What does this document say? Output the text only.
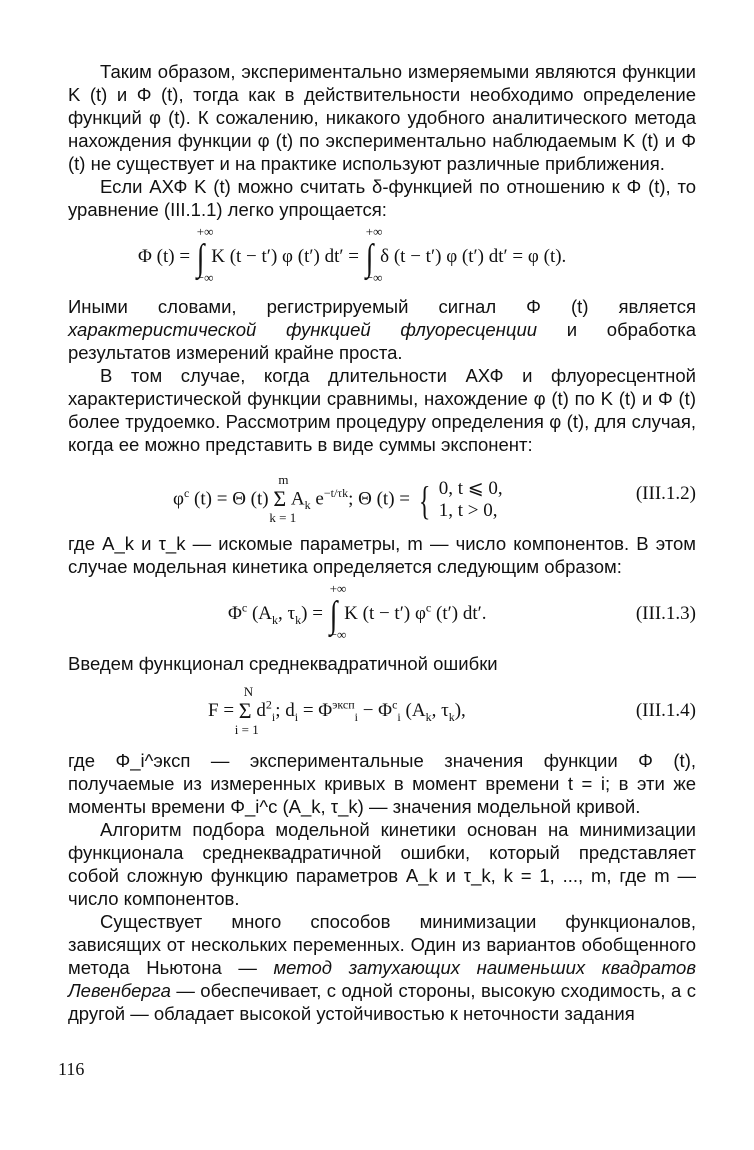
Таким образом, экспериментально измеряемыми являются функции K (t) и Φ (t), тогда как в действительности необходимо определение функций φ (t). К сожалению, никакого удобного аналитического метода нахождения функции φ (t) по экспериментально наблюдаемым K (t) и Φ (t) не существует и на практике используют различные приближения.

Если АХФ K (t) можно считать δ-функцией по отношению к Φ (t), то уравнение (III.1.1) легко упрощается:

Φ (t) =
+∞
∫
−∞
K (t − t′) φ (t′) dt′ =
+∞
∫
−∞
δ (t − t′) φ (t′) dt′ = φ (t).

Иными словами, регистрируемый сигнал Φ (t) является характеристической функцией флуоресценции и обработка результатов измерений крайне проста.

В том случае, когда длительности АХФ и флуоресцентной характеристической функции сравнимы, нахождение φ (t) по K (t) и Φ (t) более трудоемко. Рассмотрим процедуру определения φ (t), для случая, когда ее можно представить в виде суммы экспонент:

$\varphi^c$ (t) = Θ (t)
m
Σ
k = 1
$A_k$ $e^{-t/\tau k}$; Θ (t) = { 0, t ⩽ 0,
1, t > 0,
(III.1.2)

где A_k и τ_k — искомые параметры, m — число компонентов. В этом случае модельная кинетика определяется следующим образом:

$\Phi^c$ ($A_k$, $\tau_k$) =
+∞
∫
−∞
K (t − t′) $\varphi^c$ (t′) dt′.	(III.1.3)

Введем функционал среднеквадратичной ошибки

F =
N
Σ
i = 1
$d^2_i$; $d_i = \Phi^{эксп}_i - \Phi^c_i$ ($A_k$, $\tau_k$),	(III.1.4)

где Φ_i^эксп — экспериментальные значения функции Φ (t), получаемые из измеренных кривых в момент времени t = i; в эти же моменты времени Φ_i^c (A_k, τ_k) — значения модельной кривой.

Алгоритм подбора модельной кинетики основан на минимизации функционала среднеквадратичной ошибки, который представляет собой сложную функцию параметров A_k и τ_k, k = 1, ..., m, где m — число компонентов.

Существует много способов минимизации функционалов, зависящих от нескольких переменных. Один из вариантов обобщенного метода Ньютона — метод затухающих наименьших квадратов Левенберга — обеспечивает, с одной стороны, высокую сходимость, а с другой — обладает высокой устойчивостью к неточности задания

116
